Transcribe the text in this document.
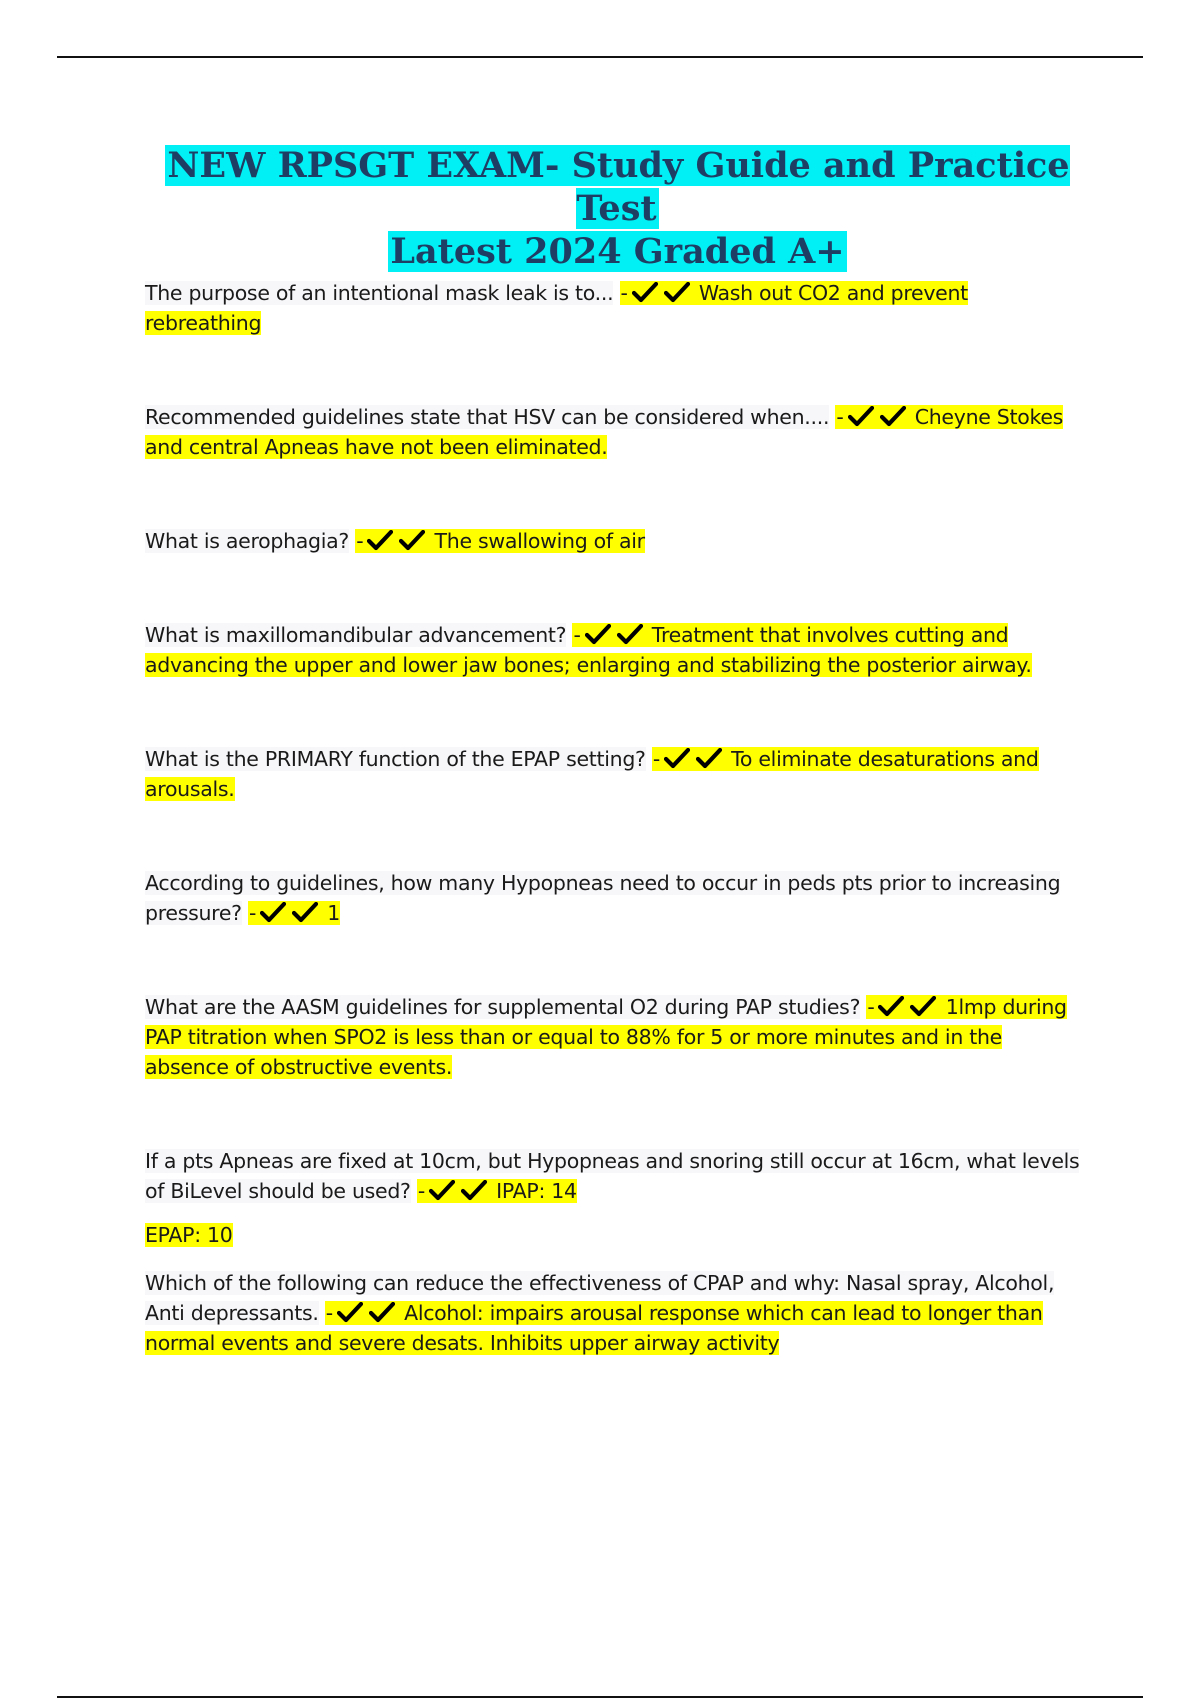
NEW RPSGT EXAM- Study Guide and Practice Test
Latest 2024 Graded A+
The purpose of an intentional mask leak is to... -	Wash out CO2 and prevent rebreathing
Recommended guidelines state that HSV can be considered when.... -	Cheyne Stokes and central Apneas have not been eliminated.
What is aerophagia? -	The swallowing of air
What is maxillomandibular advancement? -	Treatment that involves cutting and advancing the upper and lower jaw bones; enlarging and stabilizing the posterior airway.
What is the PRIMARY function of the EPAP setting? -	To eliminate desaturations and arousals.
According to guidelines, how many Hypopneas need to occur in peds pts prior to increasing pressure? -	1
What are the AASM guidelines for supplemental O2 during PAP studies? -	1lmp during PAP titration when SPO2 is less than or equal to 88% for 5 or more minutes and in the absence of obstructive events.
If a pts Apneas are fixed at 10cm, but Hypopneas and snoring still occur at 16cm, what levels of BiLevel should be used? -	IPAP: 14
EPAP: 10
Which of the following can reduce the effectiveness of CPAP and why: Nasal spray, Alcohol, Anti depressants. -	Alcohol: impairs arousal response which can lead to longer than normal events and severe desats. Inhibits upper airway activity
